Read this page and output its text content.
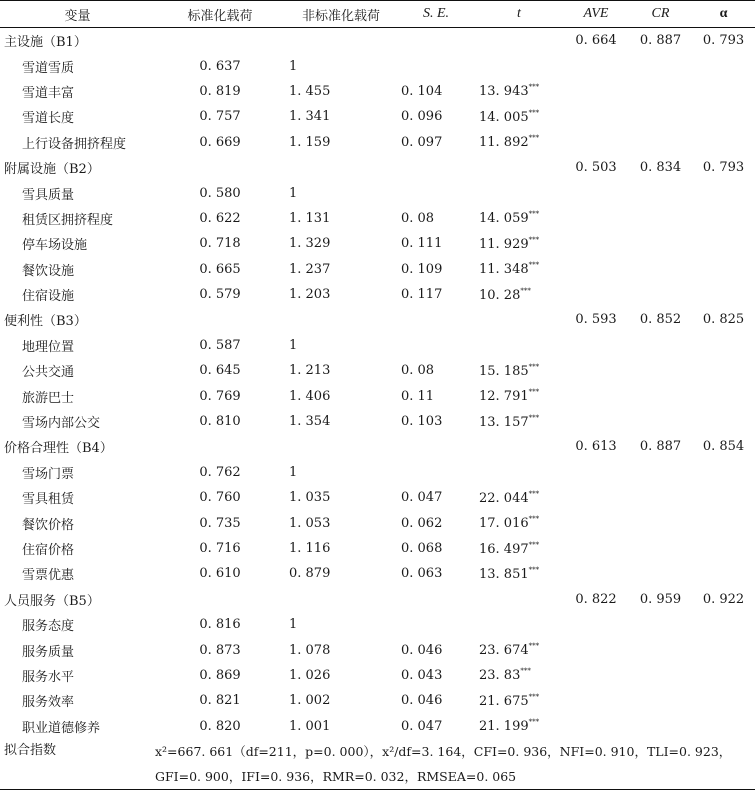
变量	标准化载荷	非标准化载荷	S. E.	t	AVE	CR	α
主设施（B1）					0. 664	0. 887	0. 793
雪道雪质	0. 637	1					
雪道丰富	0. 819	1. 455	0. 104	13. 943***			
雪道长度	0. 757	1. 341	0. 096	14. 005***			
上行设备拥挤程度	0. 669	1. 159	0. 097	11. 892***			
附属设施（B2）					0. 503	0. 834	0. 793
雪具质量	0. 580	1					
租赁区拥挤程度	0. 622	1. 131	0. 08	14. 059***			
停车场设施	0. 718	1. 329	0. 111	11. 929***			
餐饮设施	0. 665	1. 237	0. 109	11. 348***			
住宿设施	0. 579	1. 203	0. 117	10. 28***			
便利性（B3）					0. 593	0. 852	0. 825
地理位置	0. 587	1					
公共交通	0. 645	1. 213	0. 08	15. 185***			
旅游巴士	0. 769	1. 406	0. 11	12. 791***			
雪场内部公交	0. 810	1. 354	0. 103	13. 157***			
价格合理性（B4）					0. 613	0. 887	0. 854
雪场门票	0. 762	1					
雪具租赁	0. 760	1. 035	0. 047	22. 044***			
餐饮价格	0. 735	1. 053	0. 062	17. 016***			
住宿价格	0. 716	1. 116	0. 068	16. 497***			
雪票优惠	0. 610	0. 879	0. 063	13. 851***			
人员服务（B5）					0. 822	0. 959	0. 922
服务态度	0. 816	1					
服务质量	0. 873	1. 078	0. 046	23. 674***			
服务水平	0. 869	1. 026	0. 043	23. 83***			
服务效率	0. 821	1. 002	0. 046	21. 675***			
职业道德修养	0. 820	1. 001	0. 047	21. 199***			
拟合指数	x²=667. 661（df=211，p=0. 000），x²/df=3. 164，CFI=0. 936，NFI=0. 910，TLI=0. 923，GFI=0. 900，IFI=0. 936，RMR=0. 032，RMSEA=0. 065						
